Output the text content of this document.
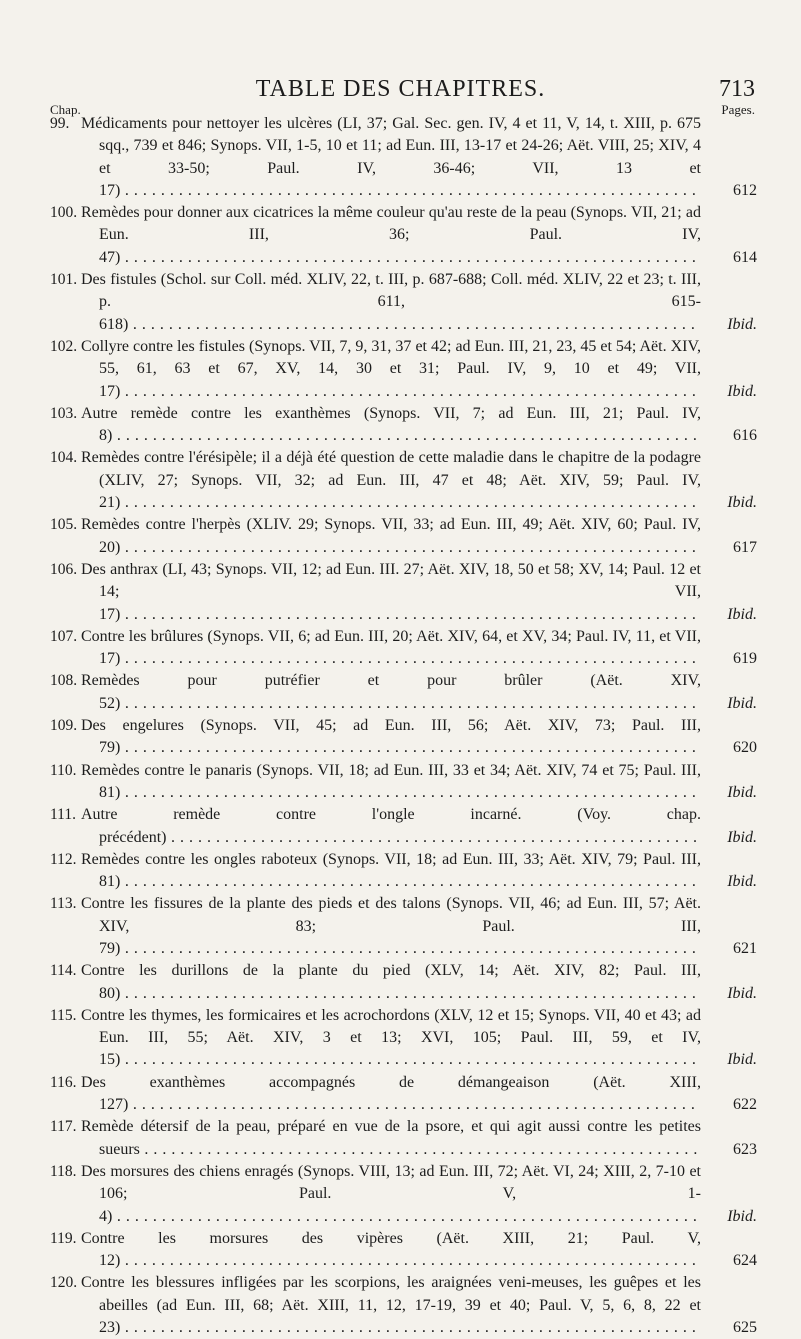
TABLE DES CHAPITRES.	713
Chap.	Pages.
99. Médicaments pour nettoyer les ulcères (LI, 37; Gal. Sec. gen. IV, 4 et 11, V, 14, t. XIII, p. 675 sqq., 739 et 846; Synops. VII, 1-5, 10 et 11; ad Eun. III, 13-17 et 24-26; Aët. VIII, 25; XIV, 4 et 33-50; Paul. IV, 36-46; VII, 13 et 17) . . .	612
100. Remèdes pour donner aux cicatrices la même couleur qu'au reste de la peau (Synops. VII, 21; ad Eun. III, 36; Paul. IV, 47) . . .	614
101. Des fistules (Schol. sur Coll. méd. XLIV, 22, t. III, p. 687-688; Coll. méd. XLIV, 22 et 23; t. III, p. 611, 615-618) . . .	Ibid.
102. Collyre contre les fistules (Synops. VII, 7, 9, 31, 37 et 42; ad Eun. III, 21, 23, 45 et 54; Aët. XIV, 55, 61, 63 et 67, XV, 14, 30 et 31; Paul. IV, 9, 10 et 49; VII, 17) . . .	Ibid.
103. Autre remède contre les exanthèmes (Synops. VII, 7; ad Eun. III, 21; Paul. IV, 8) . . .	616
104. Remèdes contre l'érésipèle; il a déjà été question de cette maladie dans le chapitre de la podagre (XLIV, 27; Synops. VII, 32; ad Eun. III, 47 et 48; Aët. XIV, 59; Paul. IV, 21) . . .	Ibid.
105. Remèdes contre l'herpès (XLIV. 29; Synops. VII, 33; ad Eun. III, 49; Aët. XIV, 60; Paul. IV, 20) . . .	617
106. Des anthrax (LI, 43; Synops. VII, 12; ad Eun. III. 27; Aët. XIV, 18, 50 et 58; XV, 14; Paul. 12 et 14; VII, 17) . . .	Ibid.
107. Contre les brûlures (Synops. VII, 6; ad Eun. III, 20; Aët. XIV, 64, et XV, 34; Paul. IV, 11, et VII, 17) . . .	619
108. Remèdes pour putréfier et pour brûler (Aët. XIV, 52) . . .	Ibid.
109. Des engelures (Synops. VII, 45; ad Eun. III, 56; Aët. XIV, 73; Paul. III, 79) . . .	620
110. Remèdes contre le panaris (Synops. VII, 18; ad Eun. III, 33 et 34; Aët. XIV, 74 et 75; Paul. III, 81) . . .	Ibid.
111. Autre remède contre l'ongle incarné. (Voy. chap. précédent) . . .	Ibid.
112. Remèdes contre les ongles raboteux (Synops. VII, 18; ad Eun. III, 33; Aët. XIV, 79; Paul. III, 81) . . .	Ibid.
113. Contre les fissures de la plante des pieds et des talons (Synops. VII, 46; ad Eun. III, 57; Aët. XIV, 83; Paul. III, 79) . . .	621
114. Contre les durillons de la plante du pied (XLV, 14; Aët. XIV, 82; Paul. III, 80) . . .	Ibid.
115. Contre les thymes, les formicaires et les acrochordons (XLV, 12 et 15; Synops. VII, 40 et 43; ad Eun. III, 55; Aët. XIV, 3 et 13; XVI, 105; Paul. III, 59, et IV, 15) . . .	Ibid.
116. Des exanthèmes accompagnés de démangeaison (Aët. XIII, 127) . . .	622
117. Remède détersif de la peau, préparé en vue de la psore, et qui agit aussi contre les petites sueurs . . .	623
118. Des morsures des chiens enragés (Synops. VIII, 13; ad Eun. III, 72; Aët. VI, 24; XIII, 2, 7-10 et 106; Paul. V, 1-4) . . .	Ibid.
119. Contre les morsures des vipères (Aët. XIII, 21; Paul. V, 12) . . .	624
120. Contre les blessures infligées par les scorpions, les araignées veni-meuses, les guêpes et les abeilles (ad Eun. III, 68; Aët. XIII, 11, 12, 17-19, 39 et 40; Paul. V, 5, 6, 8, 22 et 23) . . .	625
